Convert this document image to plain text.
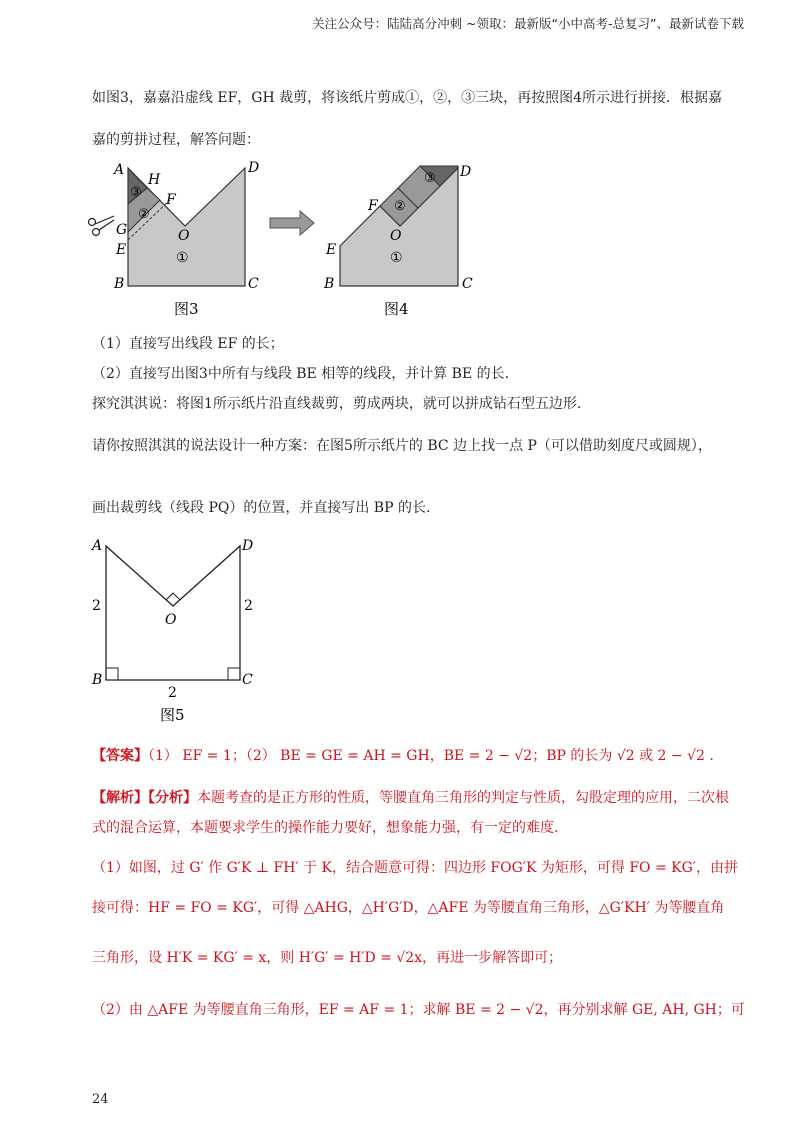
关注公众号：陆陆高分冲刺 ~领取：最新版“小中高考-总复习”、最新试卷下载
如图3，嘉嘉沿虚线 EF，GH 裁剪，将该纸片剪成①，②，③三块，再按照图4所示进行拼接．根据嘉
嘉的剪拼过程，解答问题：
A
H
F
G
E
B	C
D
O
③
②
①
图3
E
F
B	C
D
O
②
③
①
图4
（1）直接写出线段 EF 的长；
（2）直接写出图3中所有与线段 BE 相等的线段，并计算 BE 的长.
探究淇淇说：将图1所示纸片沿直线裁剪，剪成两块，就可以拼成钻石型五边形.
请你按照淇淇的说法设计一种方案：在图5所示纸片的 BC 边上找一点 P（可以借助刻度尺或圆规），
画出裁剪线（线段 PQ）的位置，并直接写出 BP 的长.
A	D
B	C
O
2	2
2
图5
【答案】（1） EF = 1；（2） BE = GE = AH = GH，BE = 2 − √2；BP 的长为 √2 或 2 − √2 .
【解析】【分析】本题考查的是正方形的性质，等腰直角三角形的判定与性质，勾股定理的应用，二次根
式的混合运算，本题要求学生的操作能力要好，想象能力强，有一定的难度.
（1）如图，过 G′ 作 G′K ⊥ FH′ 于 K，结合题意可得：四边形 FOG′K 为矩形，可得 FO = KG′，由拼
接可得：HF = FO = KG′，可得 △AHG，△H′G′D，△AFE 为等腰直角三角形，△G′KH′ 为等腰直角
三角形，设 H′K = KG′ = x，则 H′G′ = H′D = √2x，再进一步解答即可；
（2）由 △AFE 为等腰直角三角形，EF = AF = 1；求解 BE = 2 − √2，再分别求解 GE, AH, GH；可
24
